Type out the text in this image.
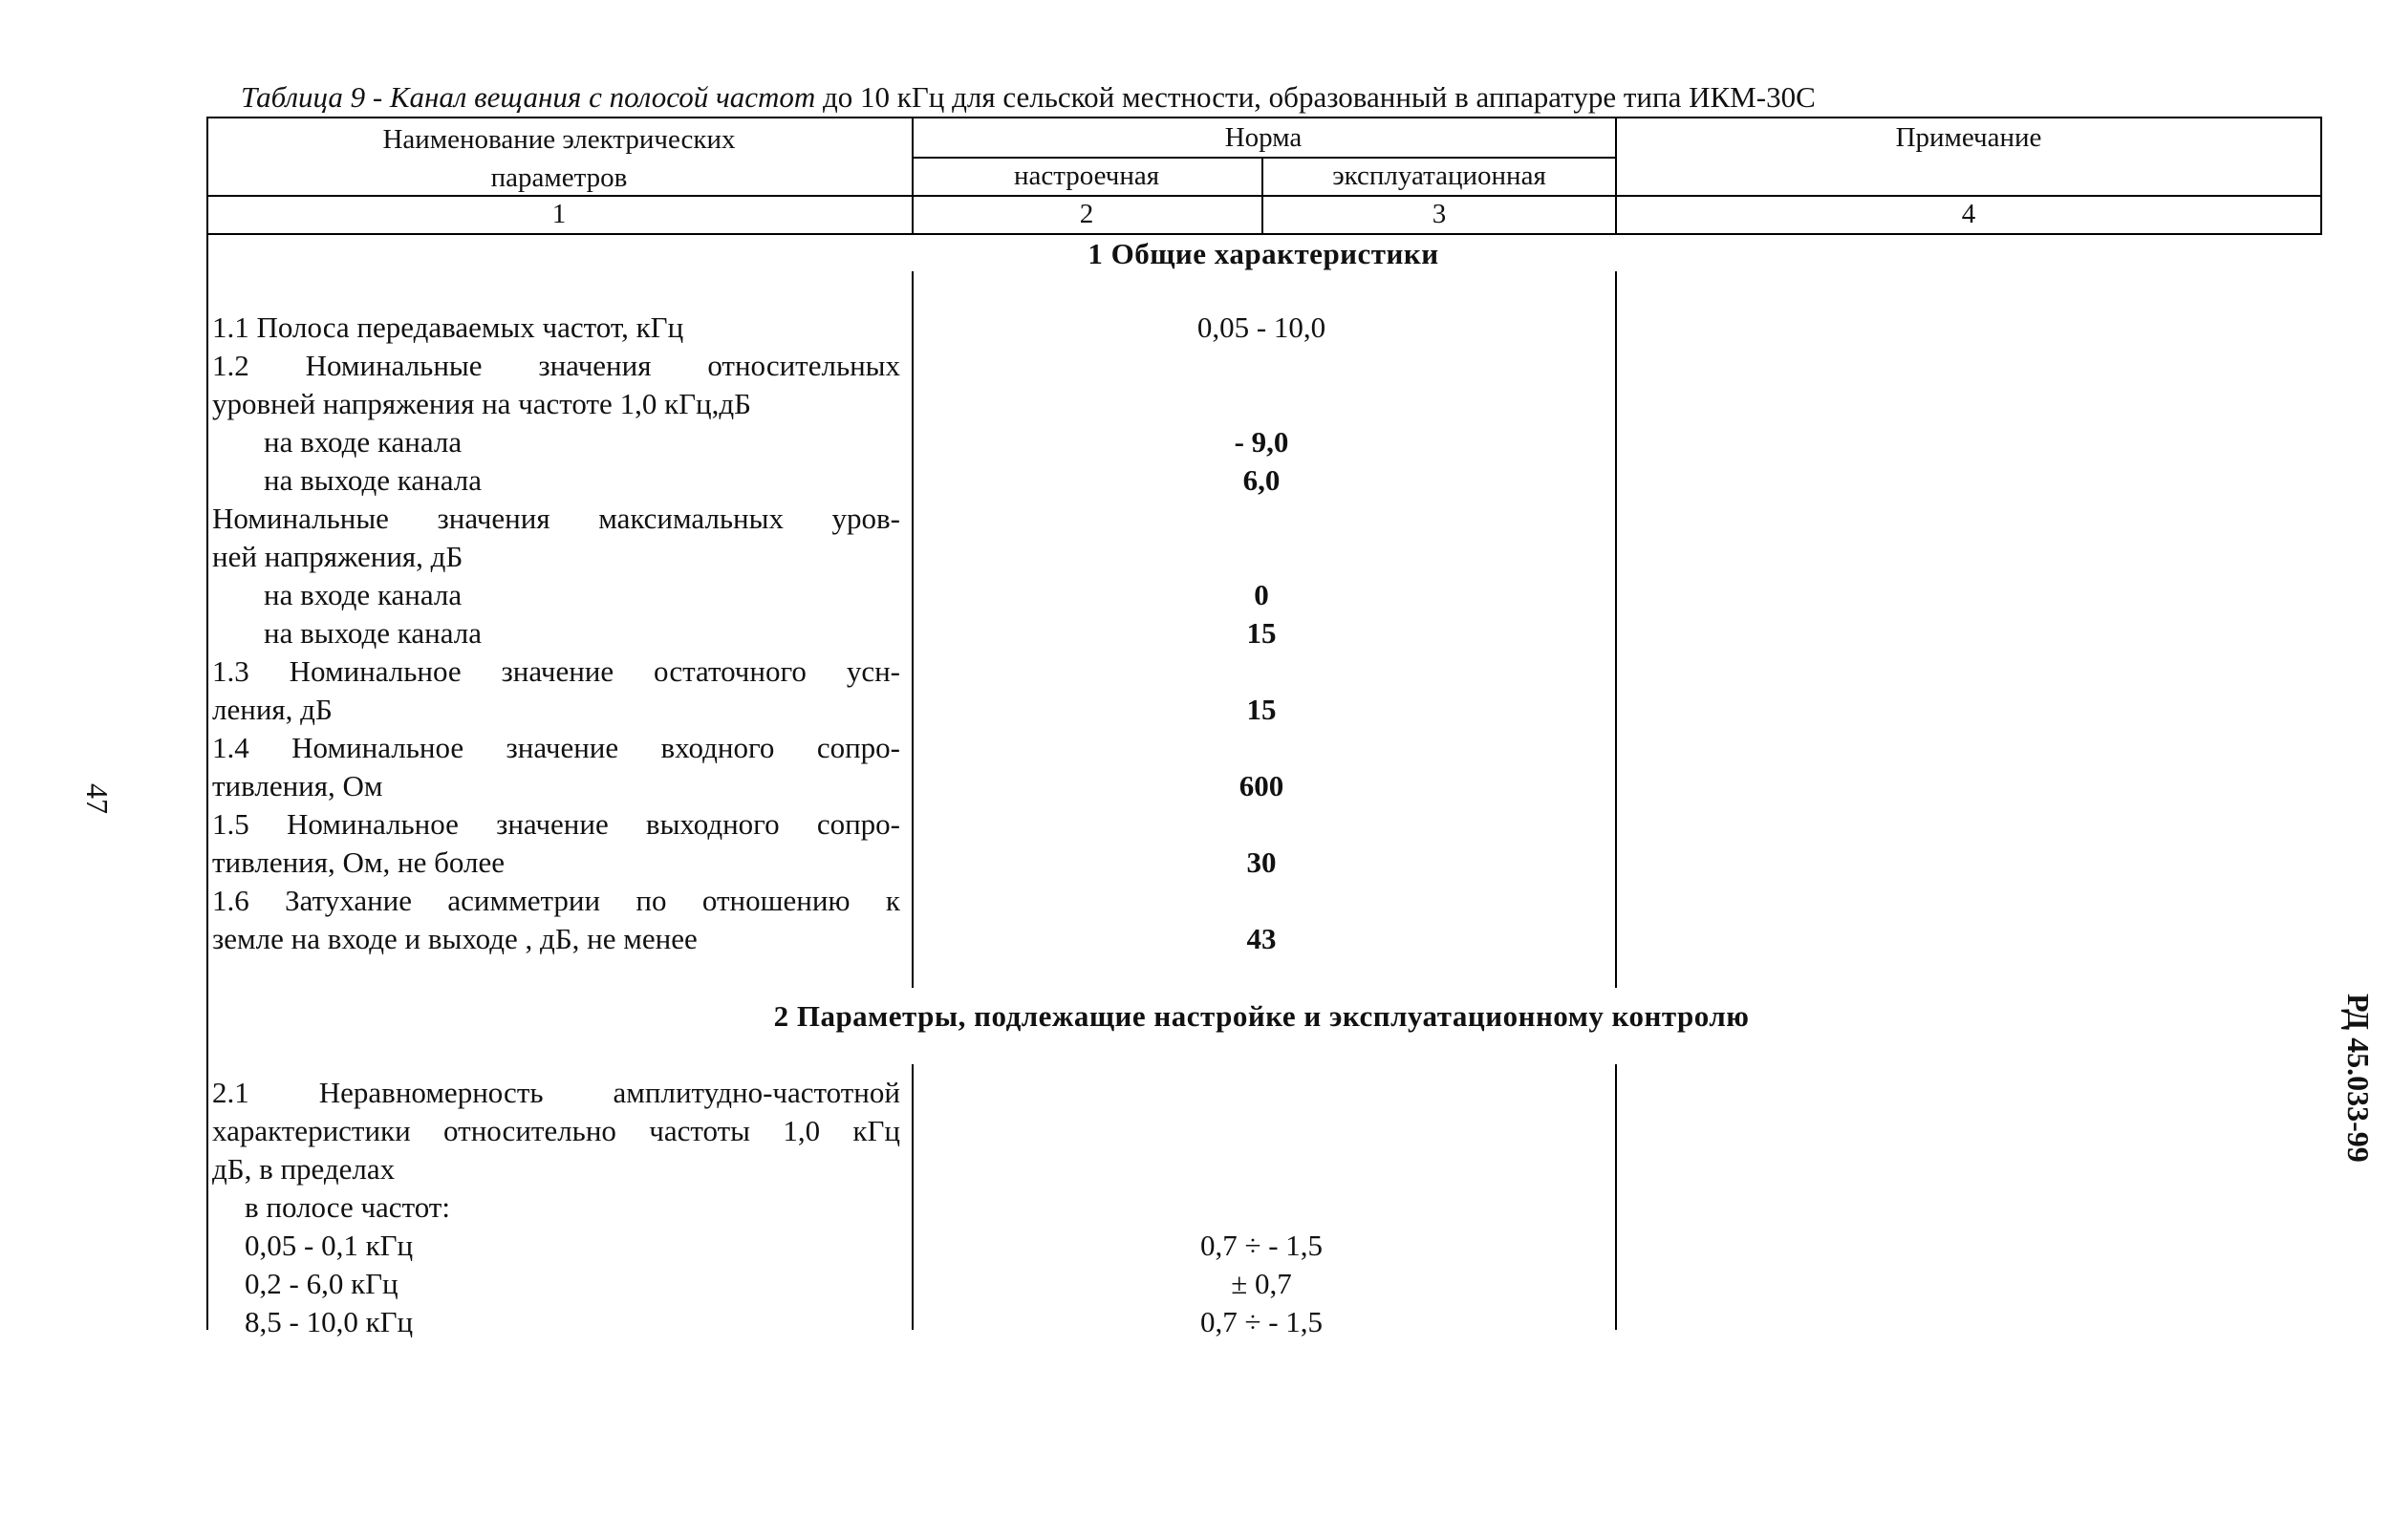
Таблица 9 - Канал вещания с полосой частот до 10 кГц для сельской местности, образованный в аппаратуре типа ИКМ-30С
Наименование электрических
параметров
Норма
настроечная	эксплуатационная
Примечание
1	2	3	4
1 Общие характеристики
1.1 Полоса передаваемых частот, кГц	0,05 - 10,0
1.2 Номинальные значения относительных
уровней напряжения на частоте 1,0 кГц,дБ
на входе канала	- 9,0
на выходе канала	6,0
Номинальные значения максимальных уров-
ней напряжения, дБ
на входе канала	0
на выходе канала	15
1.3 Номинальное значение остаточного усн-
ления, дБ	15
1.4 Номинальное значение входного сопро-
тивления, Ом	600
1.5 Номинальное значение выходного сопро-
тивления, Ом, не более	30
1.6 Затухание асимметрии по отношению к
земле на входе и выходе , дБ, не менее	43
2 Параметры, подлежащие настройке и эксплуатационному контролю
2.1 Неравномерность амплитудно-частотной
характеристики относительно частоты 1,0 кГц
дБ, в пределах
в полосе частот:
0,05 - 0,1 кГц	0,7 ÷ - 1,5
0,2 - 6,0 кГц	± 0,7
8,5 - 10,0 кГц	0,7 ÷ - 1,5
47
РД 45.033-99
